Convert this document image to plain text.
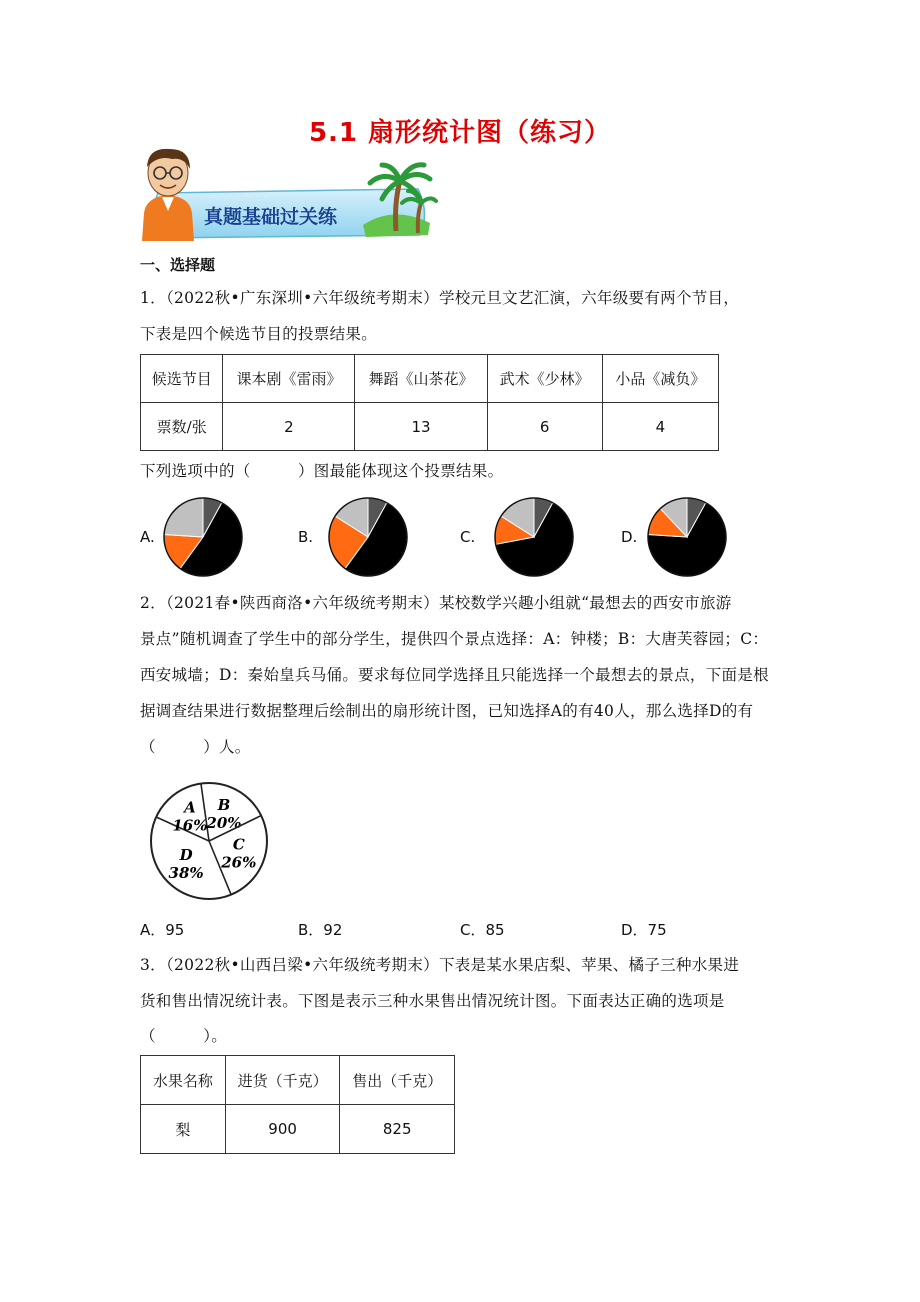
5.1 扇形统计图（练习）
真题基础过关练
一、选择题
1．（2022秋•广东深圳•六年级统考期末）学校元旦文艺汇演，六年级要有两个节目，
下表是四个候选节目的投票结果。
候选节目	课本剧《雷雨》	舞蹈《山茶花》	武术《少林》	小品《减负》
票数/张	2	13	6	4
下列选项中的（　　　）图最能体现这个投票结果。
A.	B.	C.	D.
2．（2021春•陕西商洛•六年级统考期末）某校数学兴趣小组就“最想去的西安市旅游
景点”随机调查了学生中的部分学生，提供四个景点选择：A：钟楼；B：大唐芙蓉园；C：
西安城墙；D：秦始皇兵马俑。要求每位同学选择且只能选择一个最想去的景点，下面是根
据调查结果进行数据整理后绘制出的扇形统计图，已知选择A的有40人，那么选择D的有
（　　　）人。
B
20%
C
26%
D
38%
A
16%
A．95	B．92	C．85	D．75
3．（2022秋•山西吕梁•六年级统考期末）下表是某水果店梨、苹果、橘子三种水果进
货和售出情况统计表。下图是表示三种水果售出情况统计图。下面表达正确的选项是
（　　　）。
水果名称	进货（千克）	售出（千克）
梨	900	825
